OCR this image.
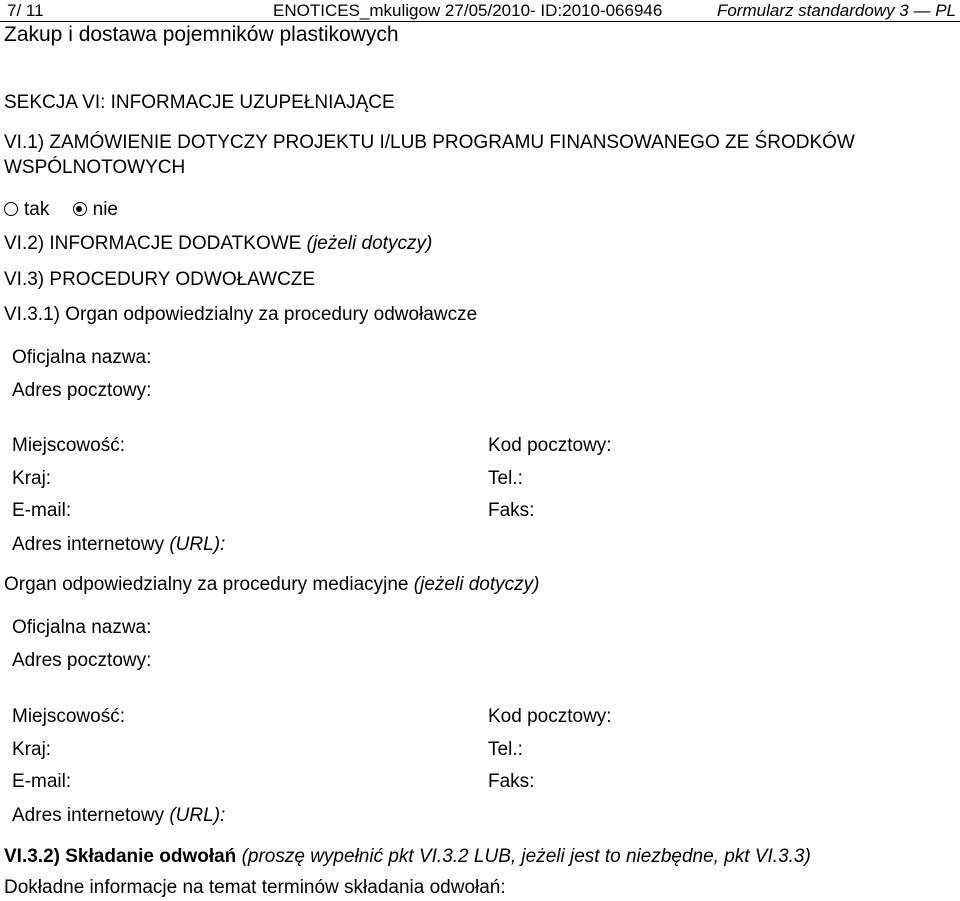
7/ 11	ENOTICES_mkuligow 27/05/2010- ID:2010-066946	Formularz standardowy 3 — PL
Zakup i dostawa pojemników plastikowych
SEKCJA VI: INFORMACJE UZUPEŁNIAJĄCE
VI.1) ZAMÓWIENIE DOTYCZY PROJEKTU I/LUB PROGRAMU FINANSOWANEGO ZE ŚRODKÓW
WSPÓLNOTOWYCH
tak nie
VI.2) INFORMACJE DODATKOWE (jeżeli dotyczy)
VI.3) PROCEDURY ODWOŁAWCZE
VI.3.1) Organ odpowiedzialny za procedury odwoławcze
Oficjalna nazwa:
Adres pocztowy:
Miejscowość:	Kod pocztowy:
Kraj:	Tel.:
E-mail:	Faks:
Adres internetowy (URL):
Organ odpowiedzialny za procedury mediacyjne (jeżeli dotyczy)
Oficjalna nazwa:
Adres pocztowy:
Miejscowość:	Kod pocztowy:
Kraj:	Tel.:
E-mail:	Faks:
Adres internetowy (URL):
VI.3.2) Składanie odwołań (proszę wypełnić pkt VI.3.2 LUB, jeżeli jest to niezbędne, pkt VI.3.3)
Dokładne informacje na temat terminów składania odwołań:
